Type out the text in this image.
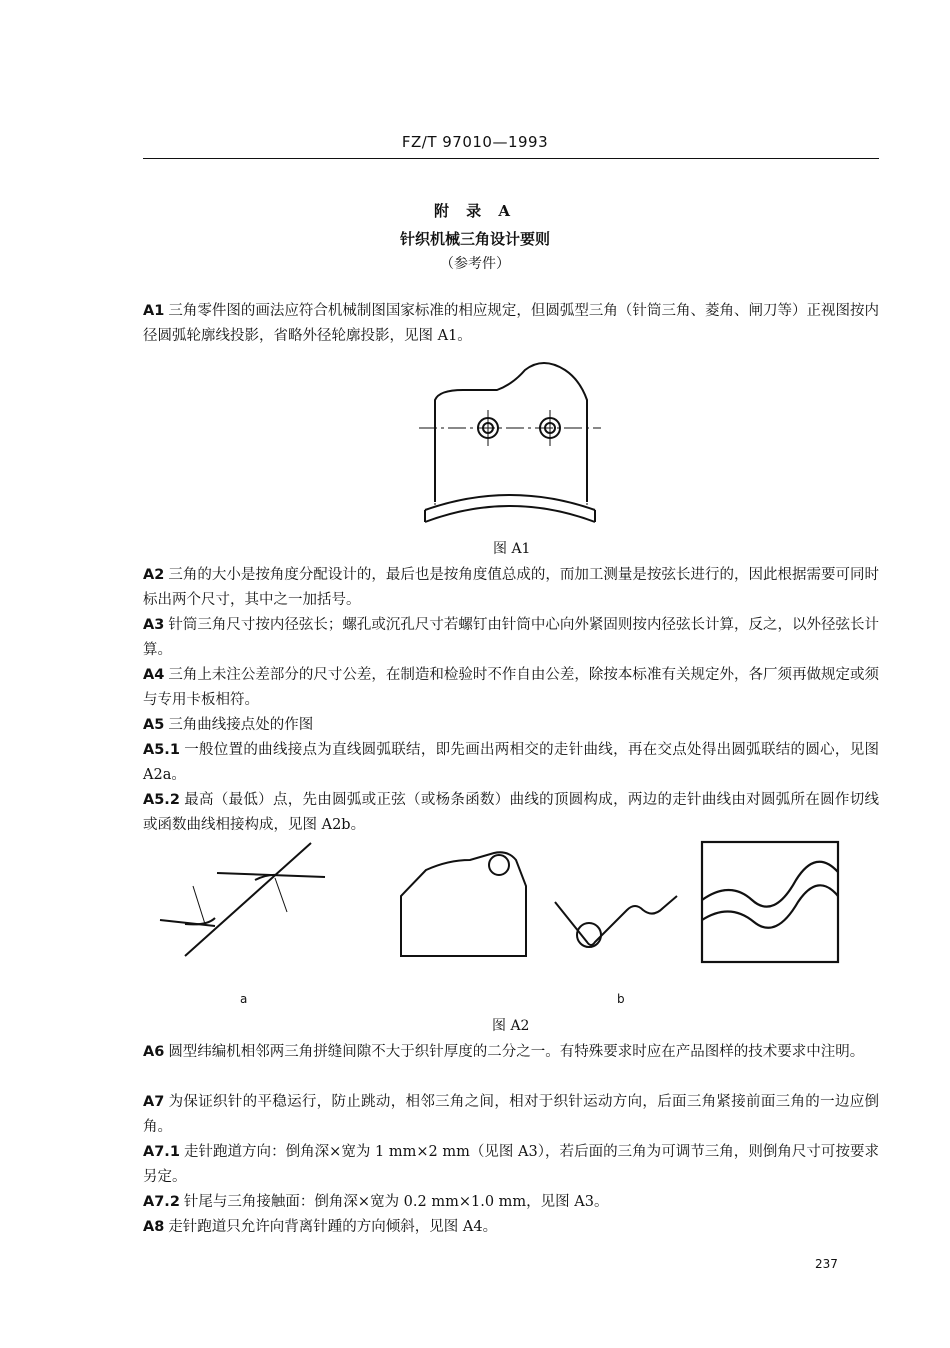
FZ/T 97010—1993
附 录 A
针织机械三角设计要则
（参考件）
A1 三角零件图的画法应符合机械制图国家标准的相应规定，但圆弧型三角（针筒三角、菱角、闸刀等）正视图按内径圆弧轮廓线投影，省略外径轮廓投影，见图 A1。
图 A1
A2 三角的大小是按角度分配设计的，最后也是按角度值总成的，而加工测量是按弦长进行的，因此根据需要可同时标出两个尺寸，其中之一加括号。
A3 针筒三角尺寸按内径弦长；螺孔或沉孔尺寸若螺钉由针筒中心向外紧固则按内径弦长计算，反之，以外径弦长计算。
A4 三角上未注公差部分的尺寸公差，在制造和检验时不作自由公差，除按本标准有关规定外，各厂须再做规定或须与专用卡板相符。
A5 三角曲线接点处的作图
A5.1 一般位置的曲线接点为直线圆弧联结，即先画出两相交的走针曲线，再在交点处得出圆弧联结的圆心，见图 A2a。
A5.2 最高（最低）点，先由圆弧或正弦（或杨条函数）曲线的顶圆构成，两边的走针曲线由对圆弧所在圆作切线或函数曲线相接构成，见图 A2b。
a	b
图 A2
A6 圆型纬编机相邻两三角拼缝间隙不大于织针厚度的二分之一。有特殊要求时应在产品图样的技术要求中注明。
A7 为保证织针的平稳运行，防止跳动，相邻三角之间，相对于织针运动方向，后面三角紧接前面三角的一边应倒角。
A7.1 走针跑道方向：倒角深×宽为 1 mm×2 mm（见图 A3），若后面的三角为可调节三角，则倒角尺寸可按要求另定。
A7.2 针尾与三角接触面：倒角深×宽为 0.2 mm×1.0 mm，见图 A3。
A8 走针跑道只允许向背离针踵的方向倾斜，见图 A4。
237
